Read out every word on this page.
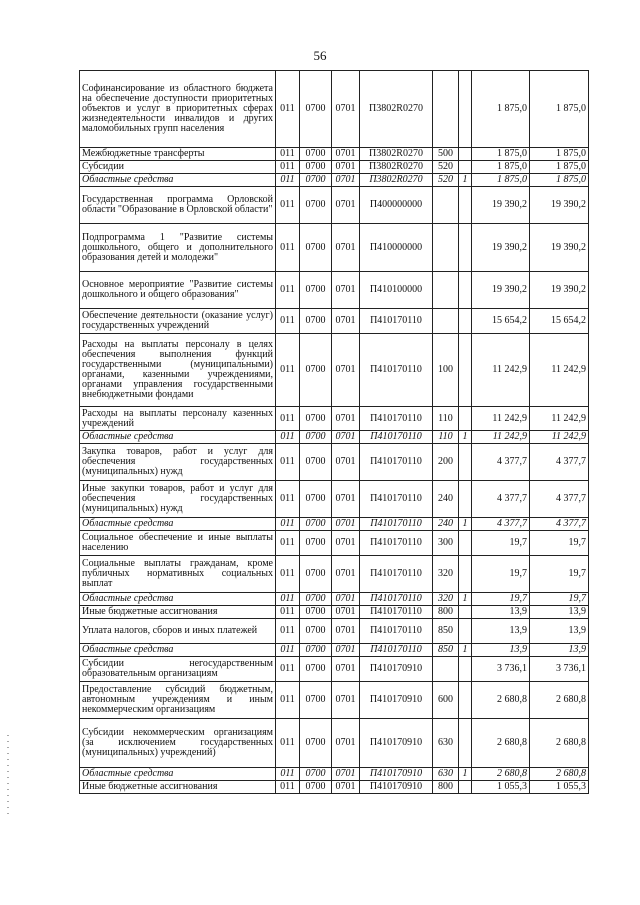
56
Софинансирование из областного бюджета на обеспечение доступности приоритетных объектов и услуг в приоритетных сферах жизнедеятельности инвалидов и других маломобильных групп населения	011	0700	0701	П3802R0270			1 875,0	1 875,0
Межбюджетные трансферты	011	0700	0701	П3802R0270	500		1 875,0	1 875,0
Субсидии	011	0700	0701	П3802R0270	520		1 875,0	1 875,0
Областные средства	011	0700	0701	П3802R0270	520	1	1 875,0	1 875,0
Государственная программа Орловской области "Образование в Орловской области"	011	0700	0701	П400000000			19 390,2	19 390,2
Подпрограмма 1 "Развитие системы дошкольного, общего и дополнительного образования детей и молодежи"	011	0700	0701	П410000000			19 390,2	19 390,2
Основное мероприятие "Развитие системы дошкольного и общего образования"	011	0700	0701	П410100000			19 390,2	19 390,2
Обеспечение деятельности (оказание услуг) государственных учреждений	011	0700	0701	П410170110			15 654,2	15 654,2
Расходы на выплаты персоналу в целях обеспечения выполнения функций государственными (муниципальными) органами, казенными учреждениями, органами управления государственными внебюджетными фондами	011	0700	0701	П410170110	100		11 242,9	11 242,9
Расходы на выплаты персоналу казенных учреждений	011	0700	0701	П410170110	110		11 242,9	11 242,9
Областные средства	011	0700	0701	П410170110	110	1	11 242,9	11 242,9
Закупка товаров, работ и услуг для обеспечения государственных (муниципальных) нужд	011	0700	0701	П410170110	200		4 377,7	4 377,7
Иные закупки товаров, работ и услуг для обеспечения государственных (муниципальных) нужд	011	0700	0701	П410170110	240		4 377,7	4 377,7
Областные средства	011	0700	0701	П410170110	240	1	4 377,7	4 377,7
Социальное обеспечение и иные выплаты населению	011	0700	0701	П410170110	300		19,7	19,7
Социальные выплаты гражданам, кроме публичных нормативных социальных выплат	011	0700	0701	П410170110	320		19,7	19,7
Областные средства	011	0700	0701	П410170110	320	1	19,7	19,7
Иные бюджетные ассигнования	011	0700	0701	П410170110	800		13,9	13,9
Уплата налогов, сборов и иных платежей	011	0700	0701	П410170110	850		13,9	13,9
Областные средства	011	0700	0701	П410170110	850	1	13,9	13,9
Субсидии негосударственным образовательным организациям	011	0700	0701	П410170910			3 736,1	3 736,1
Предоставление субсидий бюджетным, автономным учреждениям и иным некоммерческим организациям	011	0700	0701	П410170910	600		2 680,8	2 680,8
Субсидии некоммерческим организациям (за исключением государственных (муниципальных) учреждений)	011	0700	0701	П410170910	630		2 680,8	2 680,8
Областные средства	011	0700	0701	П410170910	630	1	2 680,8	2 680,8
Иные бюджетные ассигнования	011	0700	0701	П410170910	800		1 055,3	1 055,3
